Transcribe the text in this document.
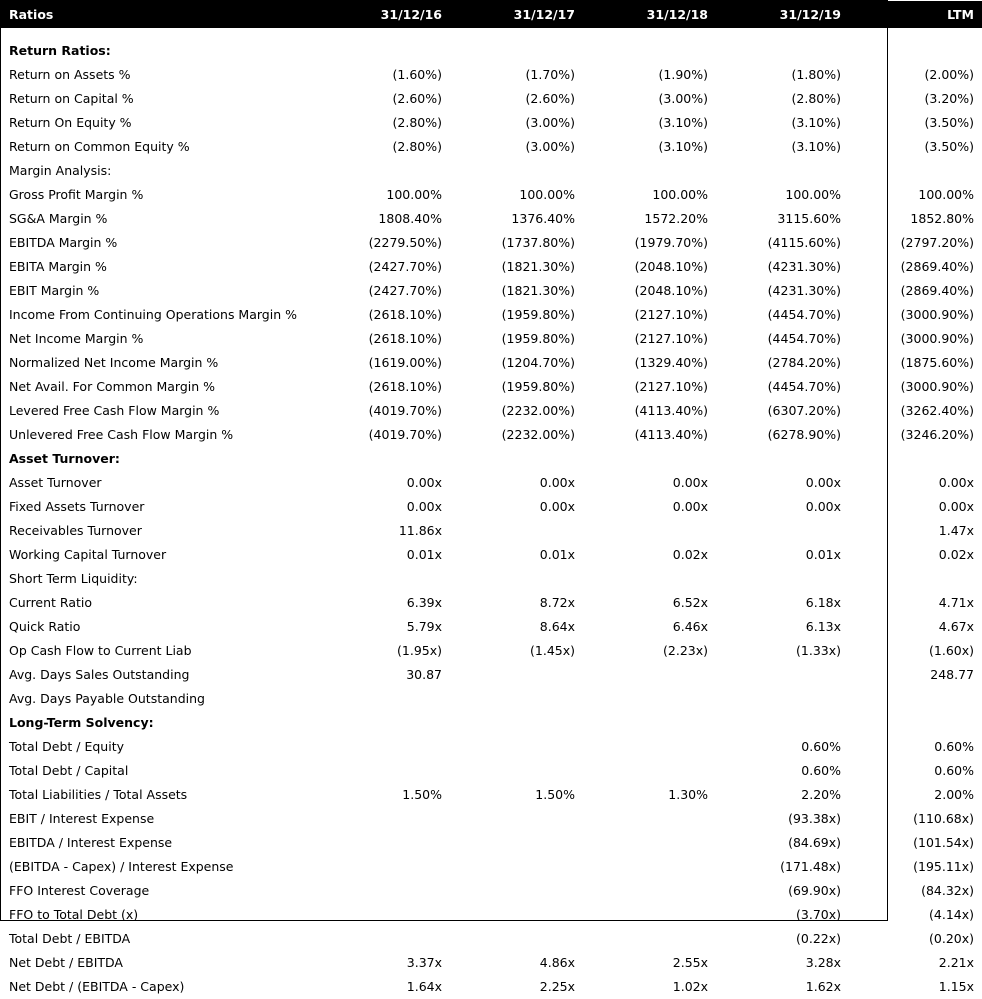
Ratios	31/12/16	31/12/17	31/12/18	31/12/19	LTM

Return Ratios:					
Return on Assets %	(1.60%)	(1.70%)	(1.90%)	(1.80%)	(2.00%)
Return on Capital %	(2.60%)	(2.60%)	(3.00%)	(2.80%)	(3.20%)
Return On Equity %	(2.80%)	(3.00%)	(3.10%)	(3.10%)	(3.50%)
Return on Common Equity %	(2.80%)	(3.00%)	(3.10%)	(3.10%)	(3.50%)
Margin Analysis:					
Gross Profit Margin %	100.00%	100.00%	100.00%	100.00%	100.00%
SG&A Margin %	1808.40%	1376.40%	1572.20%	3115.60%	1852.80%
EBITDA Margin %	(2279.50%)	(1737.80%)	(1979.70%)	(4115.60%)	(2797.20%)
EBITA Margin %	(2427.70%)	(1821.30%)	(2048.10%)	(4231.30%)	(2869.40%)
EBIT Margin %	(2427.70%)	(1821.30%)	(2048.10%)	(4231.30%)	(2869.40%)
Income From Continuing Operations Margin %	(2618.10%)	(1959.80%)	(2127.10%)	(4454.70%)	(3000.90%)
Net Income Margin %	(2618.10%)	(1959.80%)	(2127.10%)	(4454.70%)	(3000.90%)
Normalized Net Income Margin %	(1619.00%)	(1204.70%)	(1329.40%)	(2784.20%)	(1875.60%)
Net Avail. For Common Margin %	(2618.10%)	(1959.80%)	(2127.10%)	(4454.70%)	(3000.90%)
Levered Free Cash Flow Margin %	(4019.70%)	(2232.00%)	(4113.40%)	(6307.20%)	(3262.40%)
Unlevered Free Cash Flow Margin %	(4019.70%)	(2232.00%)	(4113.40%)	(6278.90%)	(3246.20%)
Asset Turnover:					
Asset Turnover	0.00x	0.00x	0.00x	0.00x	0.00x
Fixed Assets Turnover	0.00x	0.00x	0.00x	0.00x	0.00x
Receivables Turnover	11.86x				1.47x
Working Capital Turnover	0.01x	0.01x	0.02x	0.01x	0.02x
Short Term Liquidity:					
Current Ratio	6.39x	8.72x	6.52x	6.18x	4.71x
Quick Ratio	5.79x	8.64x	6.46x	6.13x	4.67x
Op Cash Flow to Current Liab	(1.95x)	(1.45x)	(2.23x)	(1.33x)	(1.60x)
Avg. Days Sales Outstanding	30.87				248.77
Avg. Days Payable Outstanding					
Long-Term Solvency:					
Total Debt / Equity				0.60%	0.60%
Total Debt / Capital				0.60%	0.60%
Total Liabilities / Total Assets	1.50%	1.50%	1.30%	2.20%	2.00%
EBIT / Interest Expense				(93.38x)	(110.68x)
EBITDA / Interest Expense				(84.69x)	(101.54x)
(EBITDA - Capex) / Interest Expense				(171.48x)	(195.11x)
FFO Interest Coverage				(69.90x)	(84.32x)
FFO to Total Debt (x)				(3.70x)	(4.14x)
Total Debt / EBITDA				(0.22x)	(0.20x)
Net Debt / EBITDA	3.37x	4.86x	2.55x	3.28x	2.21x
Net Debt / (EBITDA - Capex)	1.64x	2.25x	1.02x	1.62x	1.15x
